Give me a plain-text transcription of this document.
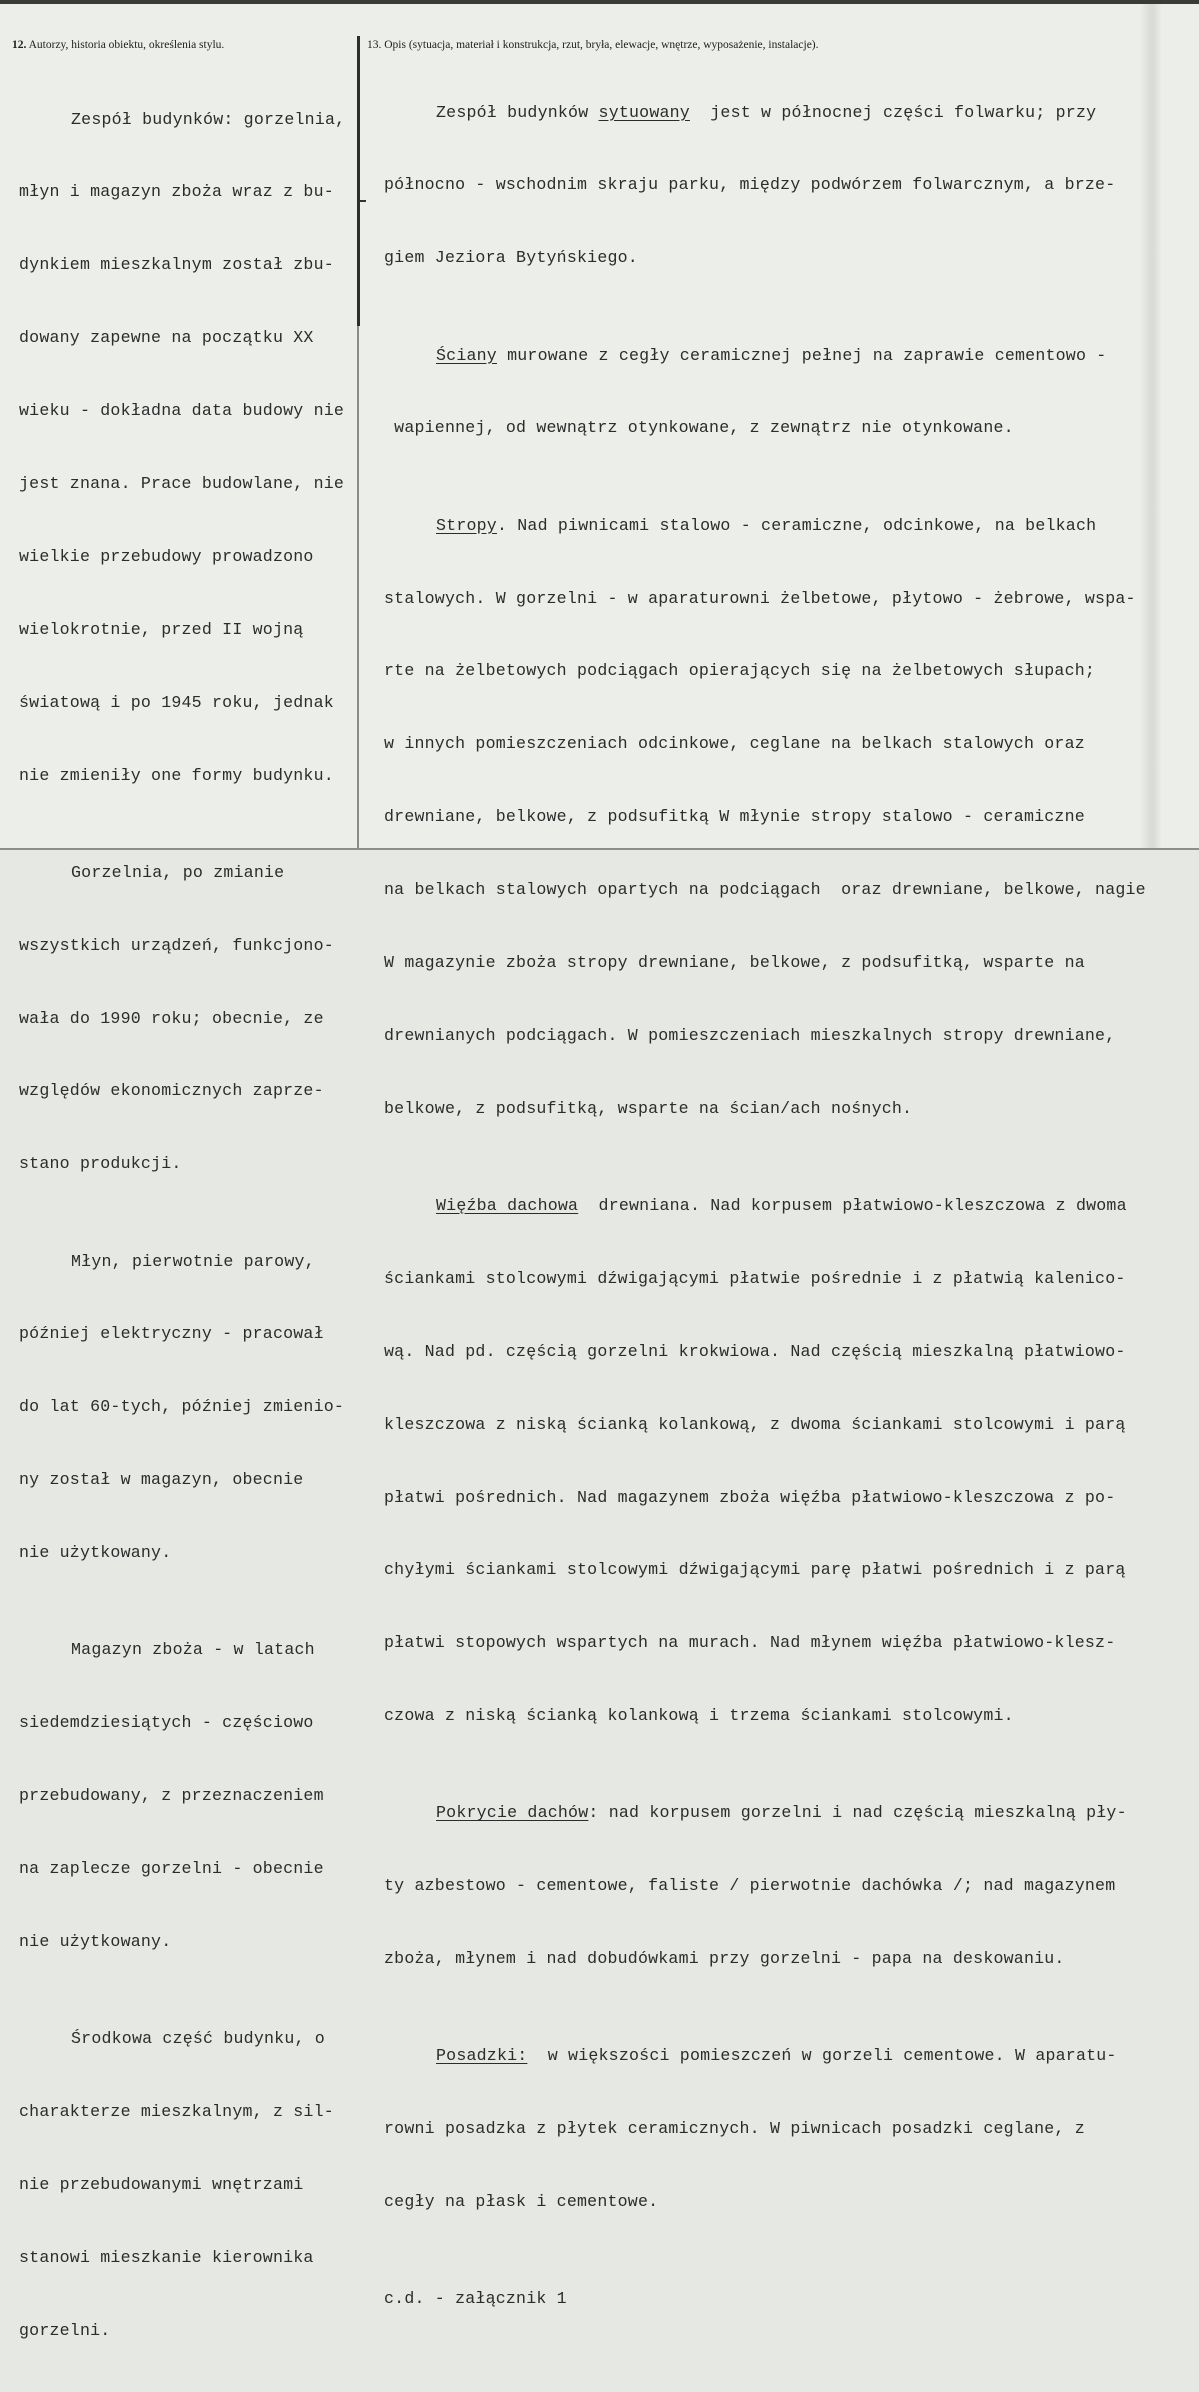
12. Autorzy, historia obiektu, określenia stylu.	13. Opis (sytuacja, materiał i konstrukcja, rzut, bryła, elewacje, wnętrze, wyposażenie, instalacje).

Zespół budynków: gorzelnia,

młyn i magazyn zboża wraz z bu-

dynkiem mieszkalnym został zbu-

dowany zapewne na początku XX

wieku - dokładna data budowy nie

jest znana. Prace budowlane, nie

wielkie przebudowy prowadzono

wielokrotnie, przed II wojną

światową i po 1945 roku, jednak

nie zmieniły one formy budynku.

Gorzelnia, po zmianie

wszystkich urządzeń, funkcjono-

wała do 1990 roku; obecnie, ze

względów ekonomicznych zaprze-

stano produkcji.

Młyn, pierwotnie parowy,

później elektryczny - pracował

do lat 60-tych, później zmienio-

ny został w magazyn, obecnie

nie użytkowany.

Magazyn zboża - w latach

siedemdziesiątych - częściowo

przebudowany, z przeznaczeniem

na zaplecze gorzelni - obecnie

nie użytkowany.

Środkowa część budynku, o

charakterze mieszkalnym, z sil-

nie przebudowanymi wnętrzami

stanowi mieszkanie kierownika

gorzelni.

Zespół budynków sytuowany  jest w północnej części folwarku; przy

północno - wschodnim skraju parku, między podwórzem folwarcznym, a brze-

giem Jeziora Bytyńskiego.

Ściany murowane z cegły ceramicznej pełnej na zaprawie cementowo -

wapiennej, od wewnątrz otynkowane, z zewnątrz nie otynkowane.

Stropy. Nad piwnicami stalowo - ceramiczne, odcinkowe, na belkach

stalowych. W gorzelni - w aparaturowni żelbetowe, płytowo - żebrowe, wspa-

rte na żelbetowych podciągach opierających się na żelbetowych słupach;

w innych pomieszczeniach odcinkowe, ceglane na belkach stalowych oraz

drewniane, belkowe, z podsufitką W młynie stropy stalowo - ceramiczne

na belkach stalowych opartych na podciągach  oraz drewniane, belkowe, nagie

W magazynie zboża stropy drewniane, belkowe, z podsufitką, wsparte na

drewnianych podciągach. W pomieszczeniach mieszkalnych stropy drewniane,

belkowe, z podsufitką, wsparte na ścian/ach nośnych.

Więźba dachowa  drewniana. Nad korpusem płatwiowo-kleszczowa z dwoma

ściankami stolcowymi dźwigającymi płatwie pośrednie i z płatwią kalenico-

wą. Nad pd. częścią gorzelni krokwiowa. Nad częścią mieszkalną płatwiowo-

kleszczowa z niską ścianką kolankową, z dwoma ściankami stolcowymi i parą

płatwi pośrednich. Nad magazynem zboża więźba płatwiowo-kleszczowa z po-

chyłymi ściankami stolcowymi dźwigającymi parę płatwi pośrednich i z parą

płatwi stopowych wspartych na murach. Nad młynem więźba płatwiowo-klesz-

czowa z niską ścianką kolankową i trzema ściankami stolcowymi.

Pokrycie dachów: nad korpusem gorzelni i nad częścią mieszkalną pły-

ty azbestowo - cementowe, faliste / pierwotnie dachówka /; nad magazynem

zboża, młynem i nad dobudówkami przy gorzelni - papa na deskowaniu.

Posadzki:  w większości pomieszczeń w gorzeli cementowe. W aparatu-

rowni posadzka z płytek ceramicznych. W piwnicach posadzki ceglane, z

cegły na płask i cementowe.

c.d. - załącznik 1
